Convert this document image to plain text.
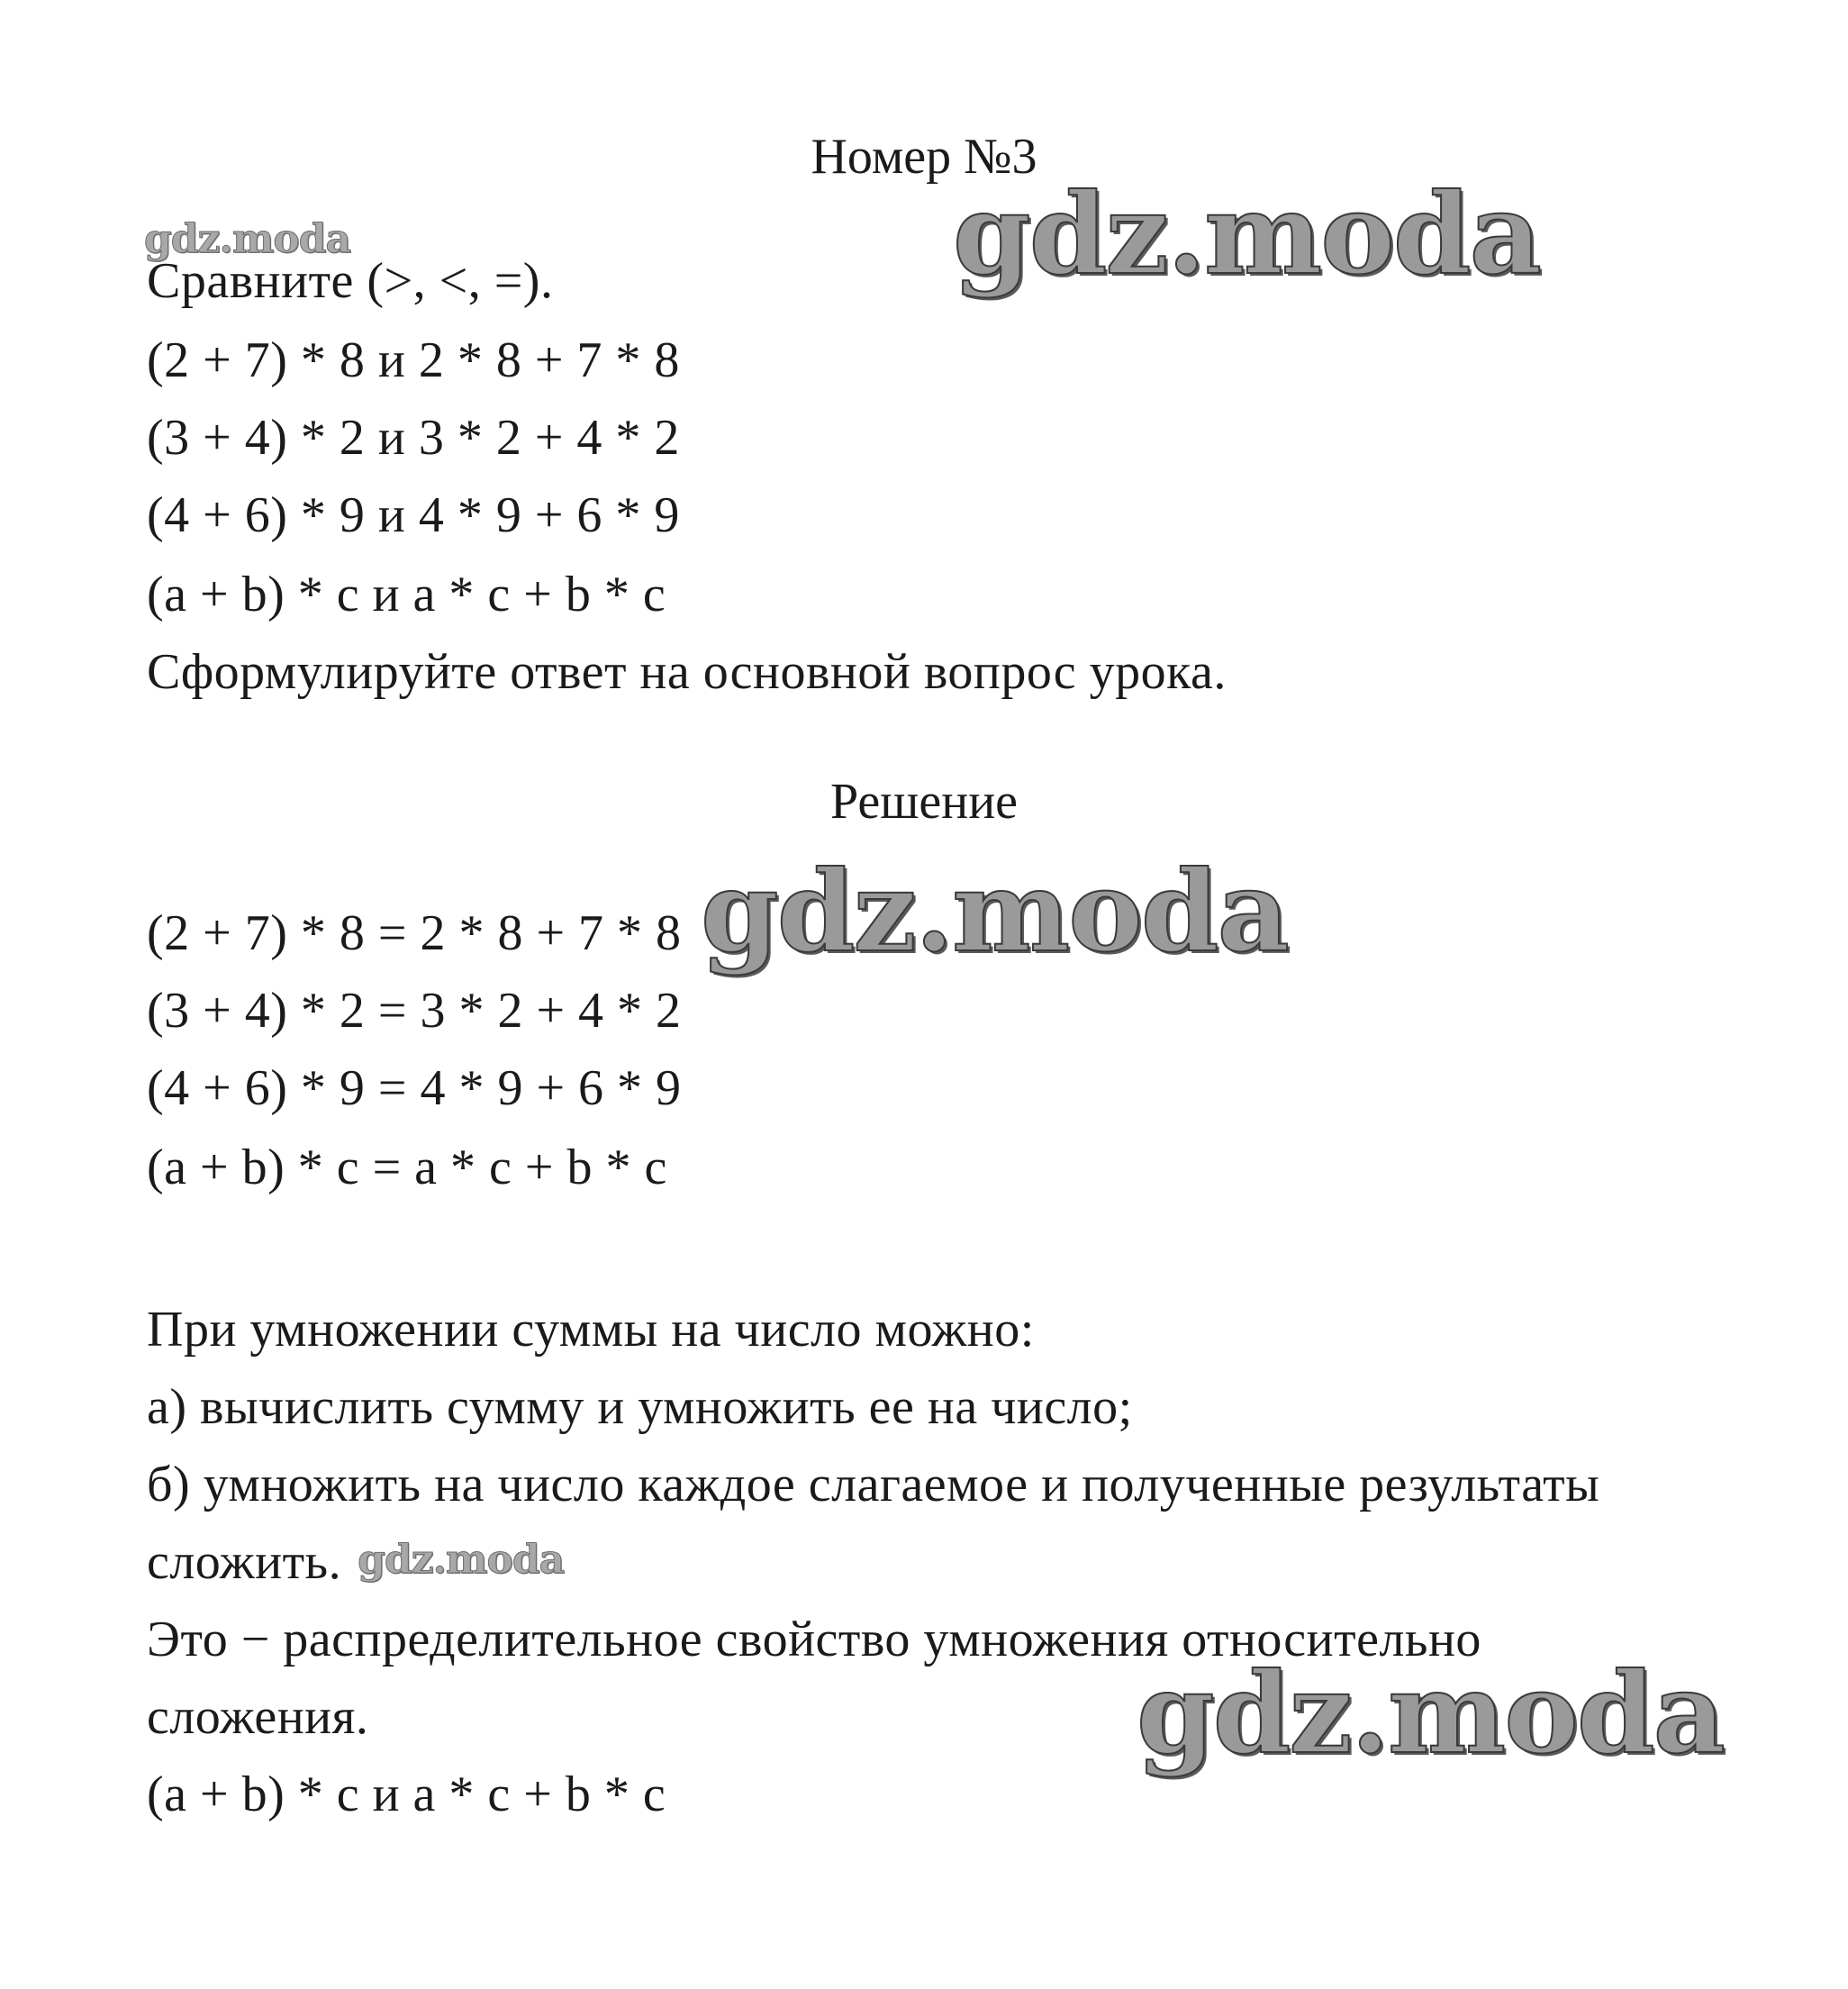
Номер №3
gdz.moda	gdz.moda
gdz.moda
gdz.moda
Сравните (>, <, =).
(2 + 7) * 8 и 2 * 8 + 7 * 8
(3 + 4) * 2 и 3 * 2 + 4 * 2
(4 + 6) * 9 и 4 * 9 + 6 * 9
(a + b) * c и a * c + b * c
Сформулируйте ответ на основной вопрос урока.
Решение
(2 + 7) * 8 = 2 * 8 + 7 * 8
(3 + 4) * 2 = 3 * 2 + 4 * 2
(4 + 6) * 9 = 4 * 9 + 6 * 9
(a + b) * c = a * c + b * c
При умножении суммы на число можно:
а) вычислить сумму и умножить ее на число;
б) умножить на число каждое слагаемое и полученные результаты
сложить. gdz.moda
Это − распределительное свойство умножения относительно
сложения.
(a + b) * c и a * c + b * c
